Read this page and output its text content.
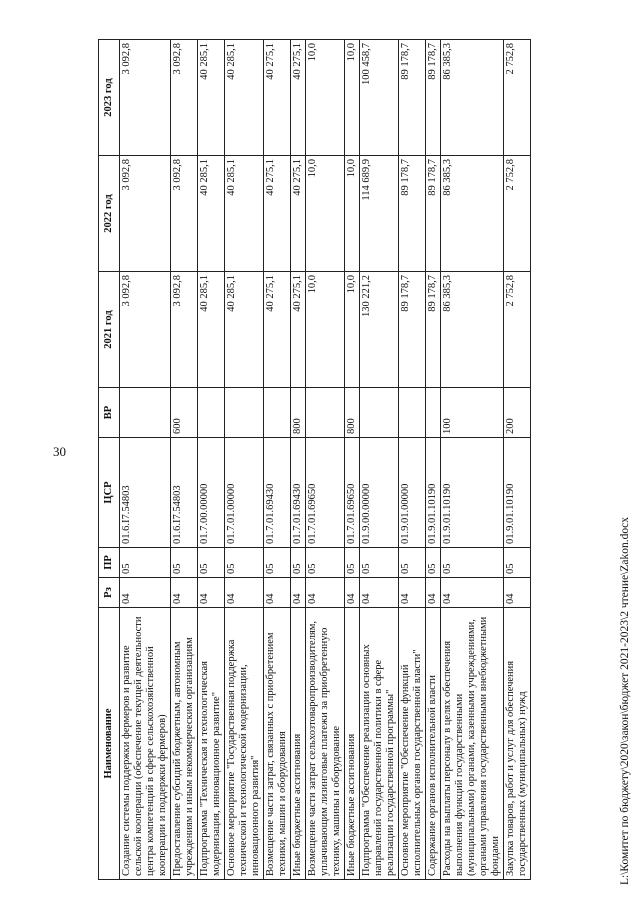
30
Наименование	Рз	ПР	ЦСР	ВР	2021 год	2022 год	2023 год
Создание системы поддержки фермеров и развитие сельской кооперации (обеспечение текущей деятельности центра компетенций в сфере сельскохозяйственной кооперации и поддержки фермеров)	04	05	01.6.I7.54803		3 092,8	3 092,8	3 092,8
Предоставление субсидий бюджетным, автономным учреждениям и иным некоммерческим организациям	04	05	01.6.I7.54803	600	3 092,8	3 092,8	3 092,8
Подпрограмма "Техническая и технологическая модернизация, инновационное развитие"	04	05	01.7.00.00000		40 285,1	40 285,1	40 285,1
Основное мероприятие "Государственная поддержка технической и технологической модернизации, инновационного развития"	04	05	01.7.01.00000		40 285,1	40 285,1	40 285,1
Возмещение части затрат, связанных с приобретением техники, машин и оборудования	04	05	01.7.01.69430		40 275,1	40 275,1	40 275,1
Иные бюджетные ассигнования	04	05	01.7.01.69430	800	40 275,1	40 275,1	40 275,1
Возмещение части затрат сельхозтоваропроизводителям, уплачивающим лизинговые платежи за приобретенную технику, машины и оборудование	04	05	01.7.01.69650		10,0	10,0	10,0
Иные бюджетные ассигнования	04	05	01.7.01.69650	800	10,0	10,0	10,0
Подпрограмма "Обеспечение реализации основных направлений государственной политики в сфере реализации государственной программы"	04	05	01.9.00.00000		130 221,2	114 689,9	100 458,7
Основное мероприятие "Обеспечение функций исполнительных органов государственной власти"	04	05	01.9.01.00000		89 178,7	89 178,7	89 178,7
Содержание органов исполнительной власти	04	05	01.9.01.10190		89 178,7	89 178,7	89 178,7
Расходы на выплаты персоналу в целях обеспечения выполнения функций государственными (муниципальными) органами, казенными учреждениями, органами управления государственными внебюджетными фондами	04	05	01.9.01.10190	100	86 385,3	86 385,3	86 385,3
Закупка товаров, работ и услуг для обеспечения государственных (муниципальных) нужд	04	05	01.9.01.10190	200	2 752,8	2 752,8	2 752,8
L:\Комитет по бюджету\2020\закон\бюджет 2021-2023\2 чтение\Zakon.docx
